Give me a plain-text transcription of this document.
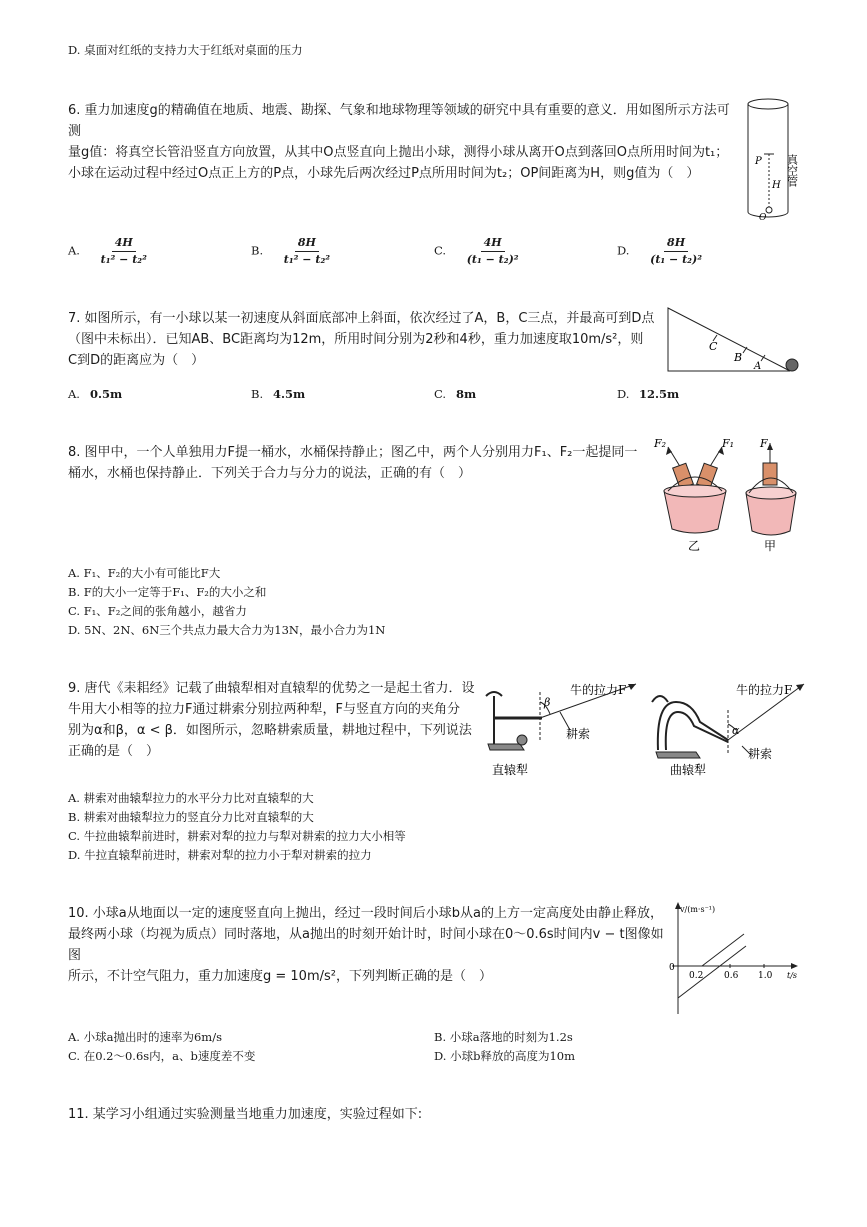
D. 桌面对红纸的支持力大于红纸对桌面的压力
6. 重力加速度g的精确值在地质、地震、勘探、气象和地球物理等领域的研究中具有重要的意义．用如图所示方法可测
量g值：将真空长管沿竖直方向放置，从其中O点竖直向上抛出小球，测得小球从离开O点到落回O点所用时间为t₁；
小球在运动过程中经过O点正上方的P点，小球先后两次经过P点所用时间为t₂；OP间距离为H，则g值为（　）
P
H
O
真空管
A. $\frac{4H}{\text{t₁² − t₂²}}$	B. $\frac{8H}{\text{t₁² − t₂²}}$	C. $\frac{4H}{\text{(t₁ − t₂)²}}$	D. $\frac{8H}{\text{(t₁ − t₂)²}}$
7. 如图所示，有一小球以某一初速度从斜面底部冲上斜面，依次经过了A，B，C三点，并最高可到D点
（图中未标出）．已知AB、BC距离均为12m，所用时间分别为2秒和4秒，重力加速度取10m/s²，则
C到D的距离应为（　）
C
B
A
A. 0.5m	B. 4.5m	C. 8m	D. 12.5m
8. 图甲中，一个人单独用力F提一桶水，水桶保持静止；图乙中，两个人分别用力F₁、F₂一起提同一
桶水，水桶也保持静止．下列关于合力与分力的说法，正确的有（　）
F₂	F₁ F
乙	甲
A. F₁、F₂的大小有可能比F大
B. F的大小一定等于F₁、F₂的大小之和
C. F₁、F₂之间的张角越小，越省力
D. 5N、2N、6N三个共点力最大合力为13N，最小合力为1N
9. 唐代《耒耜经》记载了曲辕犁相对直辕犁的优势之一是起土省力．设
牛用大小相等的拉力F通过耕索分别拉两种犁，F与竖直方向的夹角分
别为α和β，α < β．如图所示，忽略耕索质量，耕地过程中，下列说法
正确的是（　）
β
牛的拉力F
耕索
直辕犁
α
牛的拉力F
耕索
曲辕犁
A. 耕索对曲辕犁拉力的水平分力比对直辕犁的大
B. 耕索对曲辕犁拉力的竖直分力比对直辕犁的大
C. 牛拉曲辕犁前进时，耕索对犁的拉力与犁对耕索的拉力大小相等
D. 牛拉直辕犁前进时，耕索对犁的拉力小于犁对耕索的拉力
10. 小球a从地面以一定的速度竖直向上抛出，经过一段时间后小球b从a的上方一定高度处由静止释放，
最终两小球（均视为质点）同时落地，从a抛出的时刻开始计时，时间小球在0～0.6s时间内v − t图像如图
所示，不计空气阻力，重力加速度g = 10m/s²，下列判断正确的是（　）
v/(m·s⁻¹)
t/s
0
0.2 0.6 1.0
A. 小球a抛出时的速率为6m/s	B. 小球a落地的时刻为1.2s
C. 在0.2～0.6s内，a、b速度差不变	D. 小球b释放的高度为10m
11. 某学习小组通过实验测量当地重力加速度，实验过程如下:
